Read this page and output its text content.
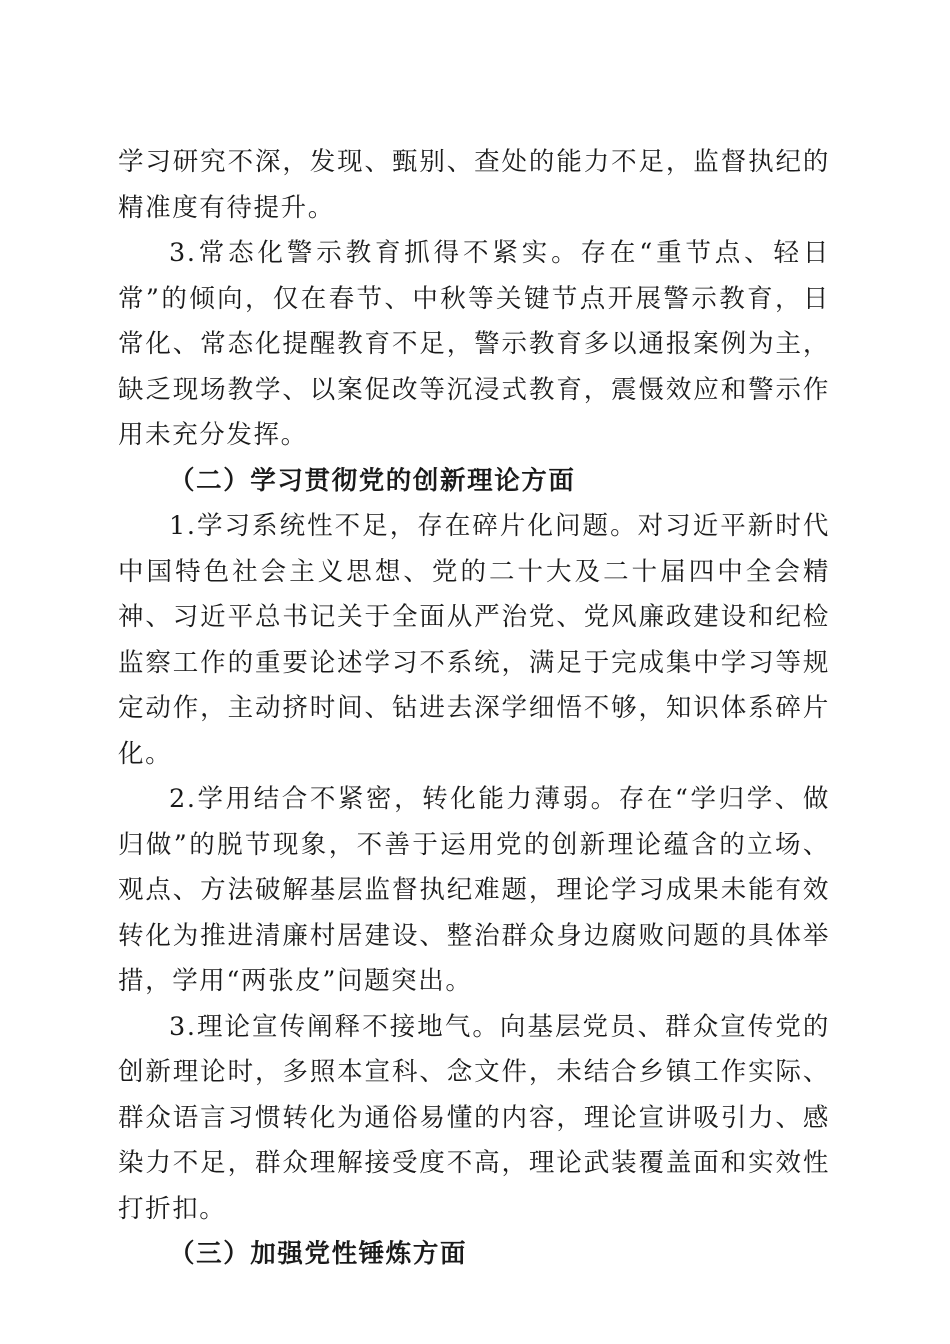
学习研究不深，发现、甄别、查处的能力不足，监督执纪的精准度有待提升。

3.常态化警示教育抓得不紧实。存在“重节点、轻日常”的倾向，仅在春节、中秋等关键节点开展警示教育，日常化、常态化提醒教育不足，警示教育多以通报案例为主，缺乏现场教学、以案促改等沉浸式教育，震慑效应和警示作用未充分发挥。

（二）学习贯彻党的创新理论方面

1.学习系统性不足，存在碎片化问题。对习近平新时代中国特色社会主义思想、党的二十大及二十届四中全会精神、习近平总书记关于全面从严治党、党风廉政建设和纪检监察工作的重要论述学习不系统，满足于完成集中学习等规定动作，主动挤时间、钻进去深学细悟不够，知识体系碎片化。

2.学用结合不紧密，转化能力薄弱。存在“学归学、做归做”的脱节现象，不善于运用党的创新理论蕴含的立场、观点、方法破解基层监督执纪难题，理论学习成果未能有效转化为推进清廉村居建设、整治群众身边腐败问题的具体举措，学用“两张皮”问题突出。

3.理论宣传阐释不接地气。向基层党员、群众宣传党的创新理论时，多照本宣科、念文件，未结合乡镇工作实际、群众语言习惯转化为通俗易懂的内容，理论宣讲吸引力、感染力不足，群众理解接受度不高，理论武装覆盖面和实效性打折扣。

（三）加强党性锤炼方面
